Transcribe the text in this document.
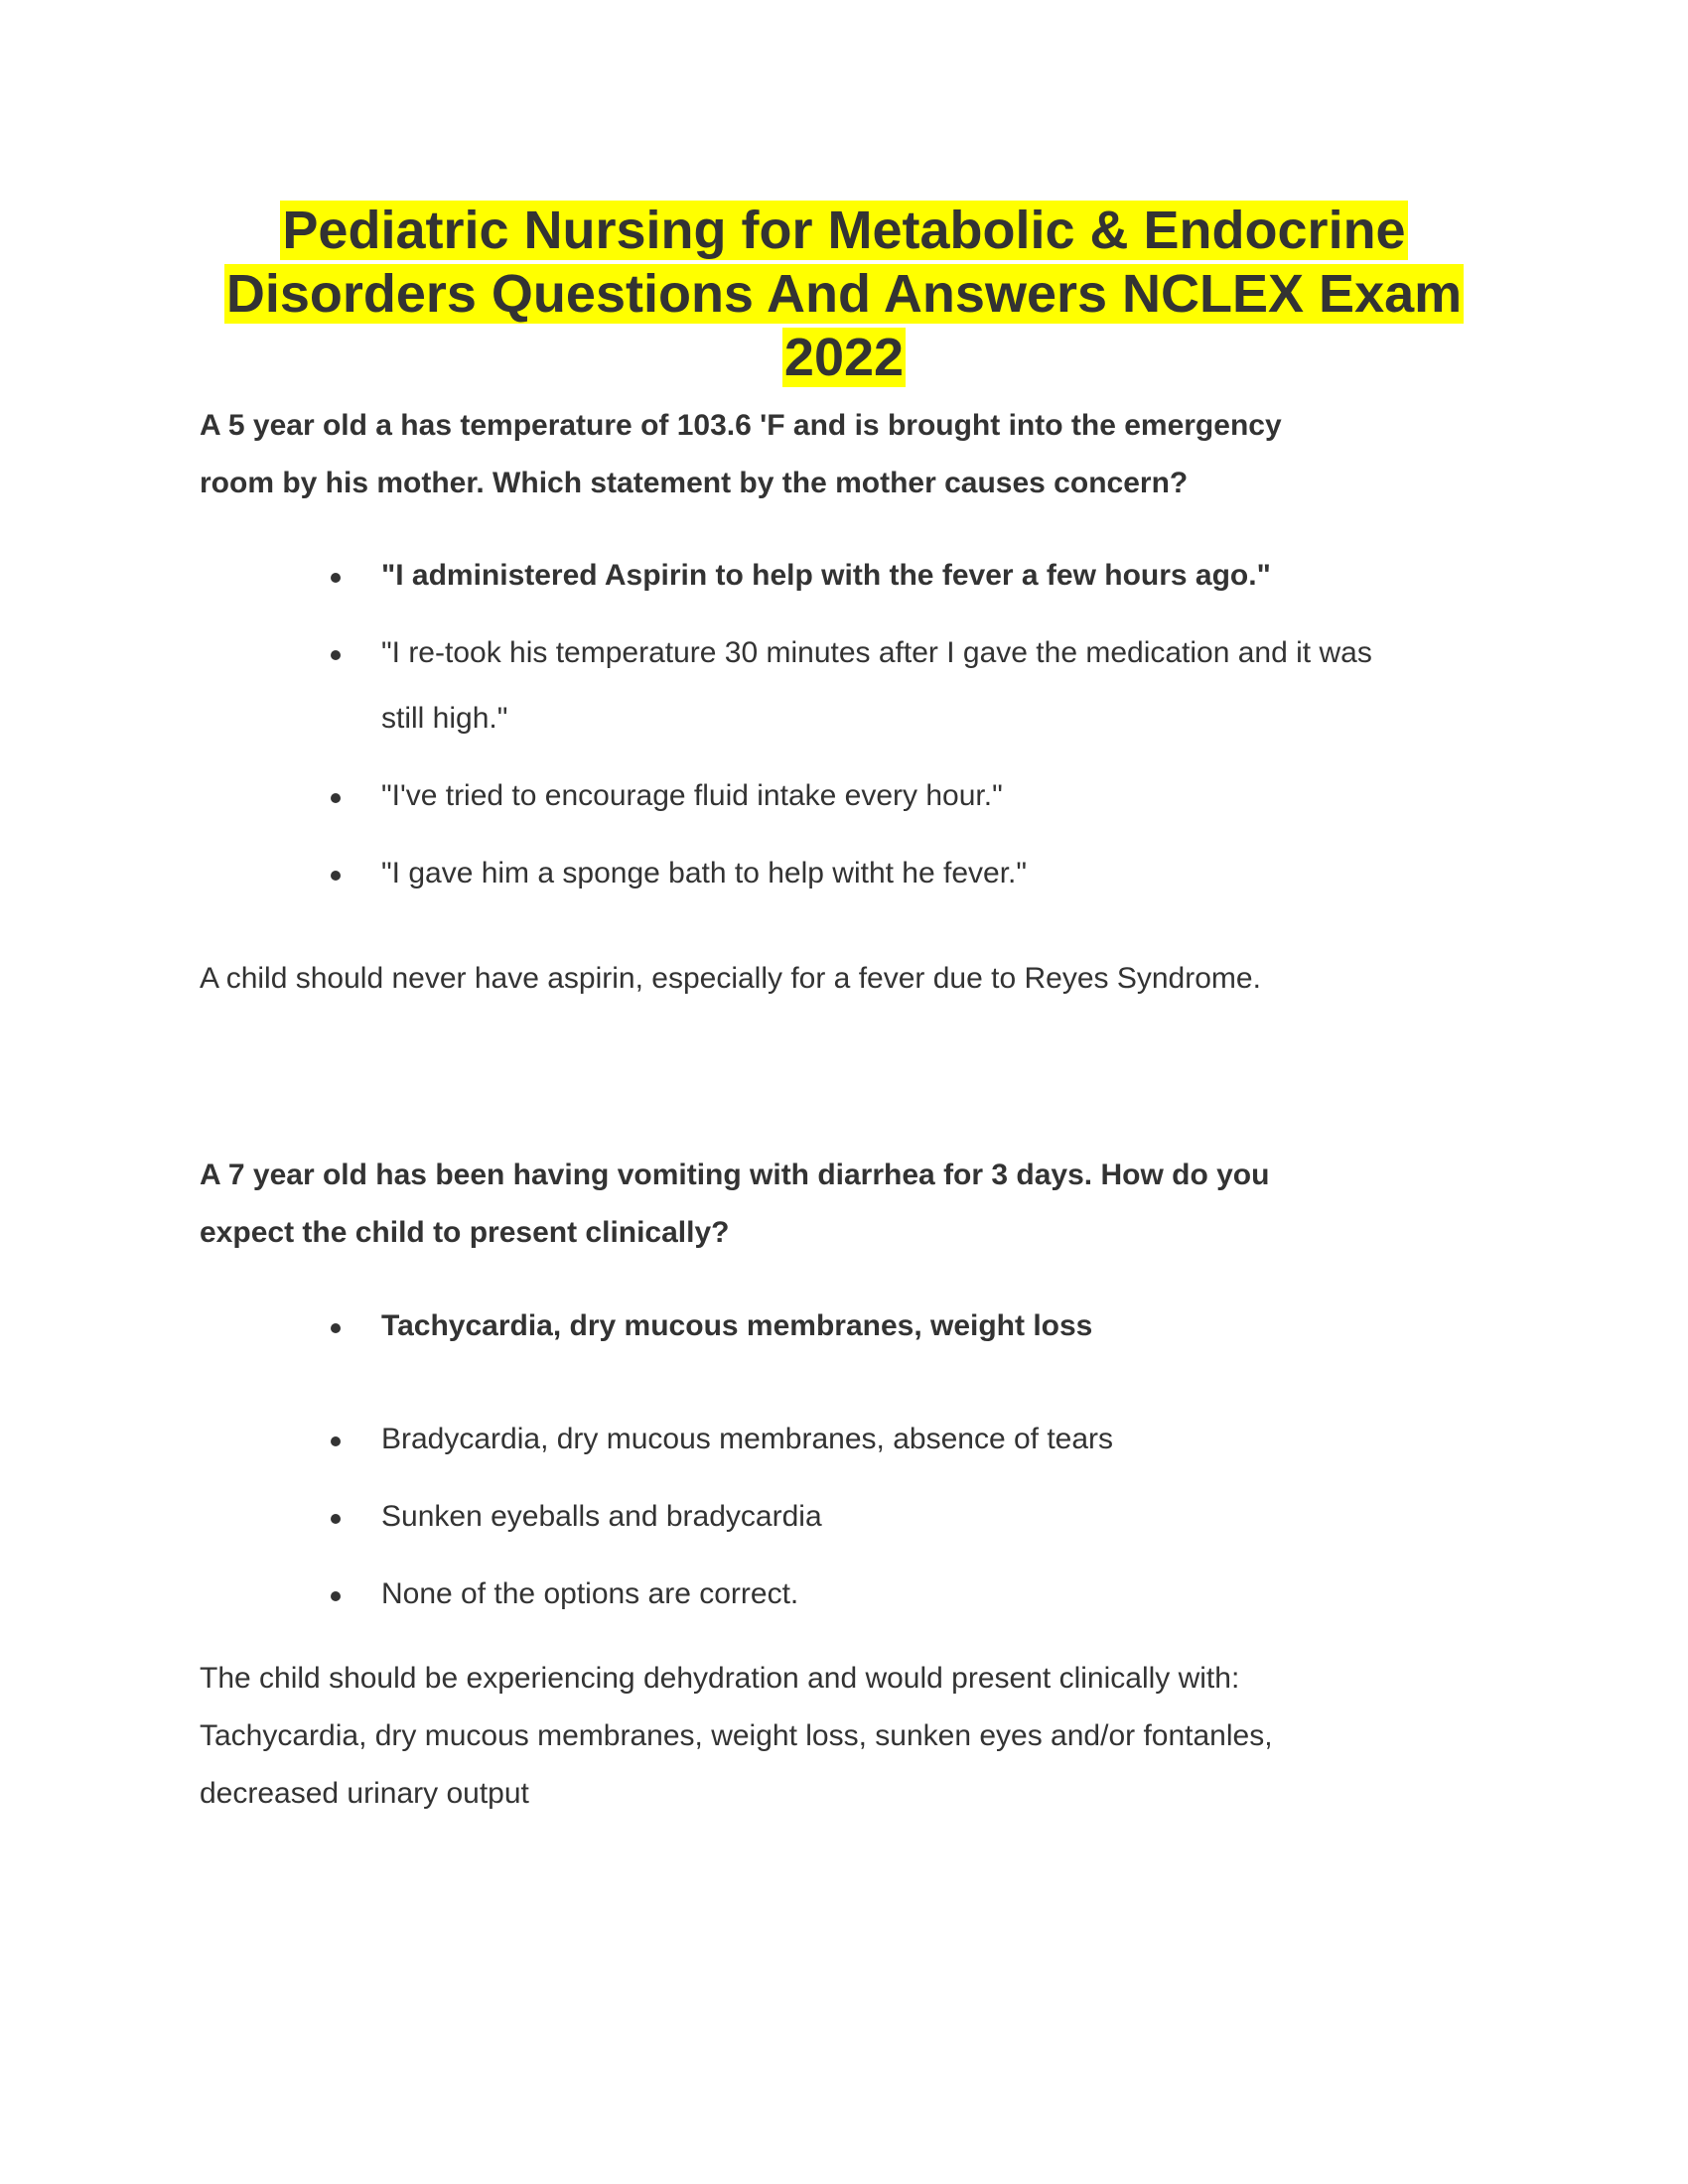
Pediatric Nursing for Metabolic & Endocrine
Disorders Questions And Answers NCLEX Exam
2022
A 5 year old a has temperature of 103.6 'F and is brought into the emergency
room by his mother. Which statement by the mother causes concern?
"I administered Aspirin to help with the fever a few hours ago."
"I re-took his temperature 30 minutes after I gave the medication and it was
still high."
"I've tried to encourage fluid intake every hour."
"I gave him a sponge bath to help witht he fever."
A child should never have aspirin, especially for a fever due to Reyes Syndrome.
A 7 year old has been having vomiting with diarrhea for 3 days. How do you
expect the child to present clinically?
Tachycardia, dry mucous membranes, weight loss
Bradycardia, dry mucous membranes, absence of tears
Sunken eyeballs and bradycardia
None of the options are correct.
The child should be experiencing dehydration and would present clinically with:
Tachycardia, dry mucous membranes, weight loss, sunken eyes and/or fontanles,
decreased urinary output
